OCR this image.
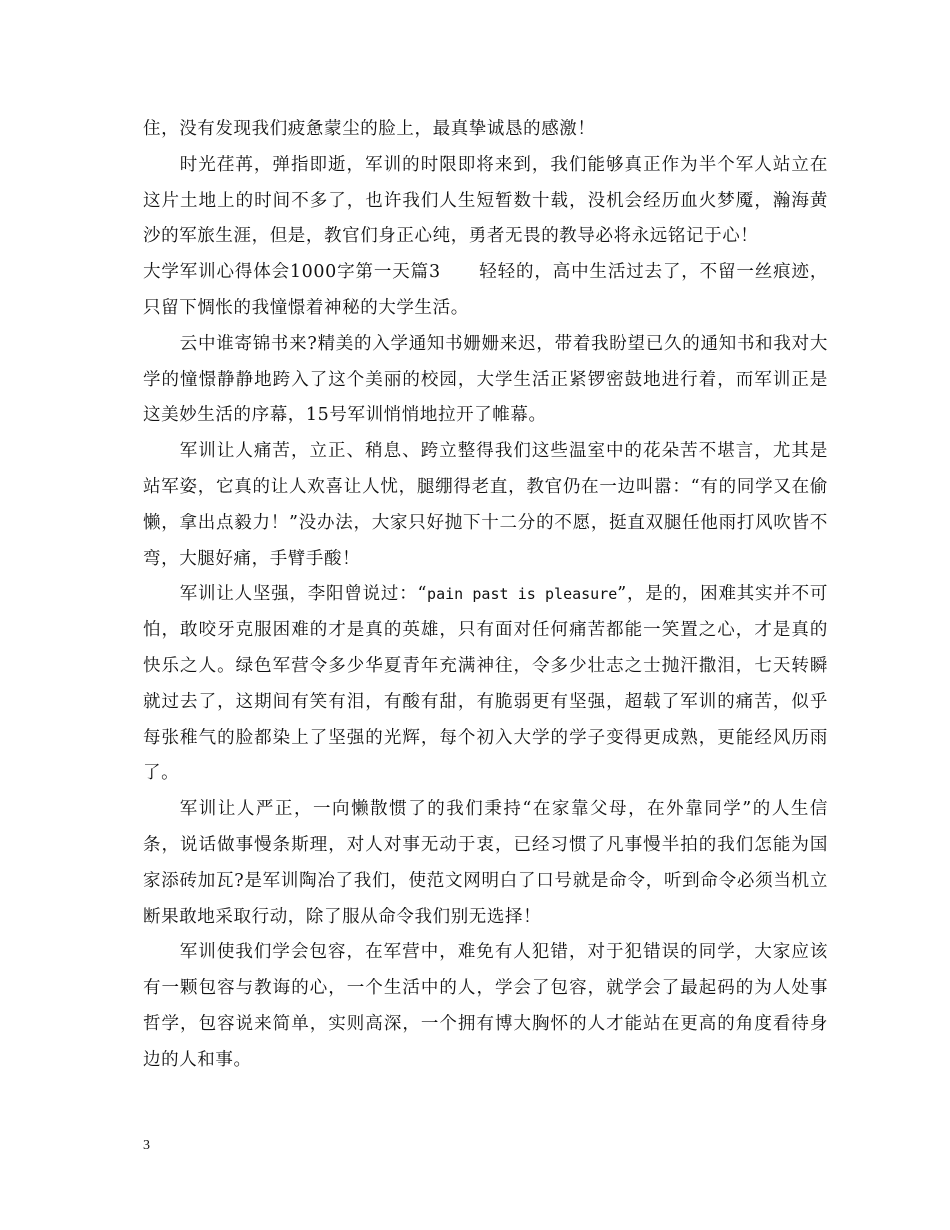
住，没有发现我们疲惫蒙尘的脸上，最真挚诚恳的感激！

时光荏苒，弹指即逝，军训的时限即将来到，我们能够真正作为半个军人站立在这片土地上的时间不多了，也许我们人生短暂数十载，没机会经历血火梦魇，瀚海黄沙的军旅生涯，但是，教官们身正心纯，勇者无畏的教导必将永远铭记于心！

大学军训心得体会1000字第一天篇3 轻轻的，高中生活过去了，不留一丝痕迹，只留下惆怅的我憧憬着神秘的大学生活。

云中谁寄锦书来?精美的入学通知书姗姗来迟，带着我盼望已久的通知书和我对大学的憧憬静静地跨入了这个美丽的校园，大学生活正紧锣密鼓地进行着，而军训正是这美妙生活的序幕，15号军训悄悄地拉开了帷幕。

军训让人痛苦，立正、稍息、跨立整得我们这些温室中的花朵苦不堪言，尤其是站军姿，它真的让人欢喜让人忧，腿绷得老直，教官仍在一边叫嚣：“有的同学又在偷懒，拿出点毅力！”没办法，大家只好抛下十二分的不愿，挺直双腿任他雨打风吹皆不弯，大腿好痛，手臂手酸！

军训让人坚强，李阳曾说过：“pain past is pleasure”，是的，困难其实并不可怕，敢咬牙克服困难的才是真的英雄，只有面对任何痛苦都能一笑置之心，才是真的快乐之人。绿色军营令多少华夏青年充满神往，令多少壮志之士抛汗撒泪，七天转瞬就过去了，这期间有笑有泪，有酸有甜，有脆弱更有坚强，超载了军训的痛苦，似乎每张稚气的脸都染上了坚强的光辉，每个初入大学的学子变得更成熟，更能经风历雨了。

军训让人严正，一向懒散惯了的我们秉持“在家靠父母，在外靠同学”的人生信条，说话做事慢条斯理，对人对事无动于衷，已经习惯了凡事慢半拍的我们怎能为国家添砖加瓦?是军训陶冶了我们，使范文网明白了口号就是命令，听到命令必须当机立断果敢地采取行动，除了服从命令我们别无选择！

军训使我们学会包容，在军营中，难免有人犯错，对于犯错误的同学，大家应该有一颗包容与教诲的心，一个生活中的人，学会了包容，就学会了最起码的为人处事哲学，包容说来简单，实则高深，一个拥有博大胸怀的人才能站在更高的角度看待身边的人和事。

3
